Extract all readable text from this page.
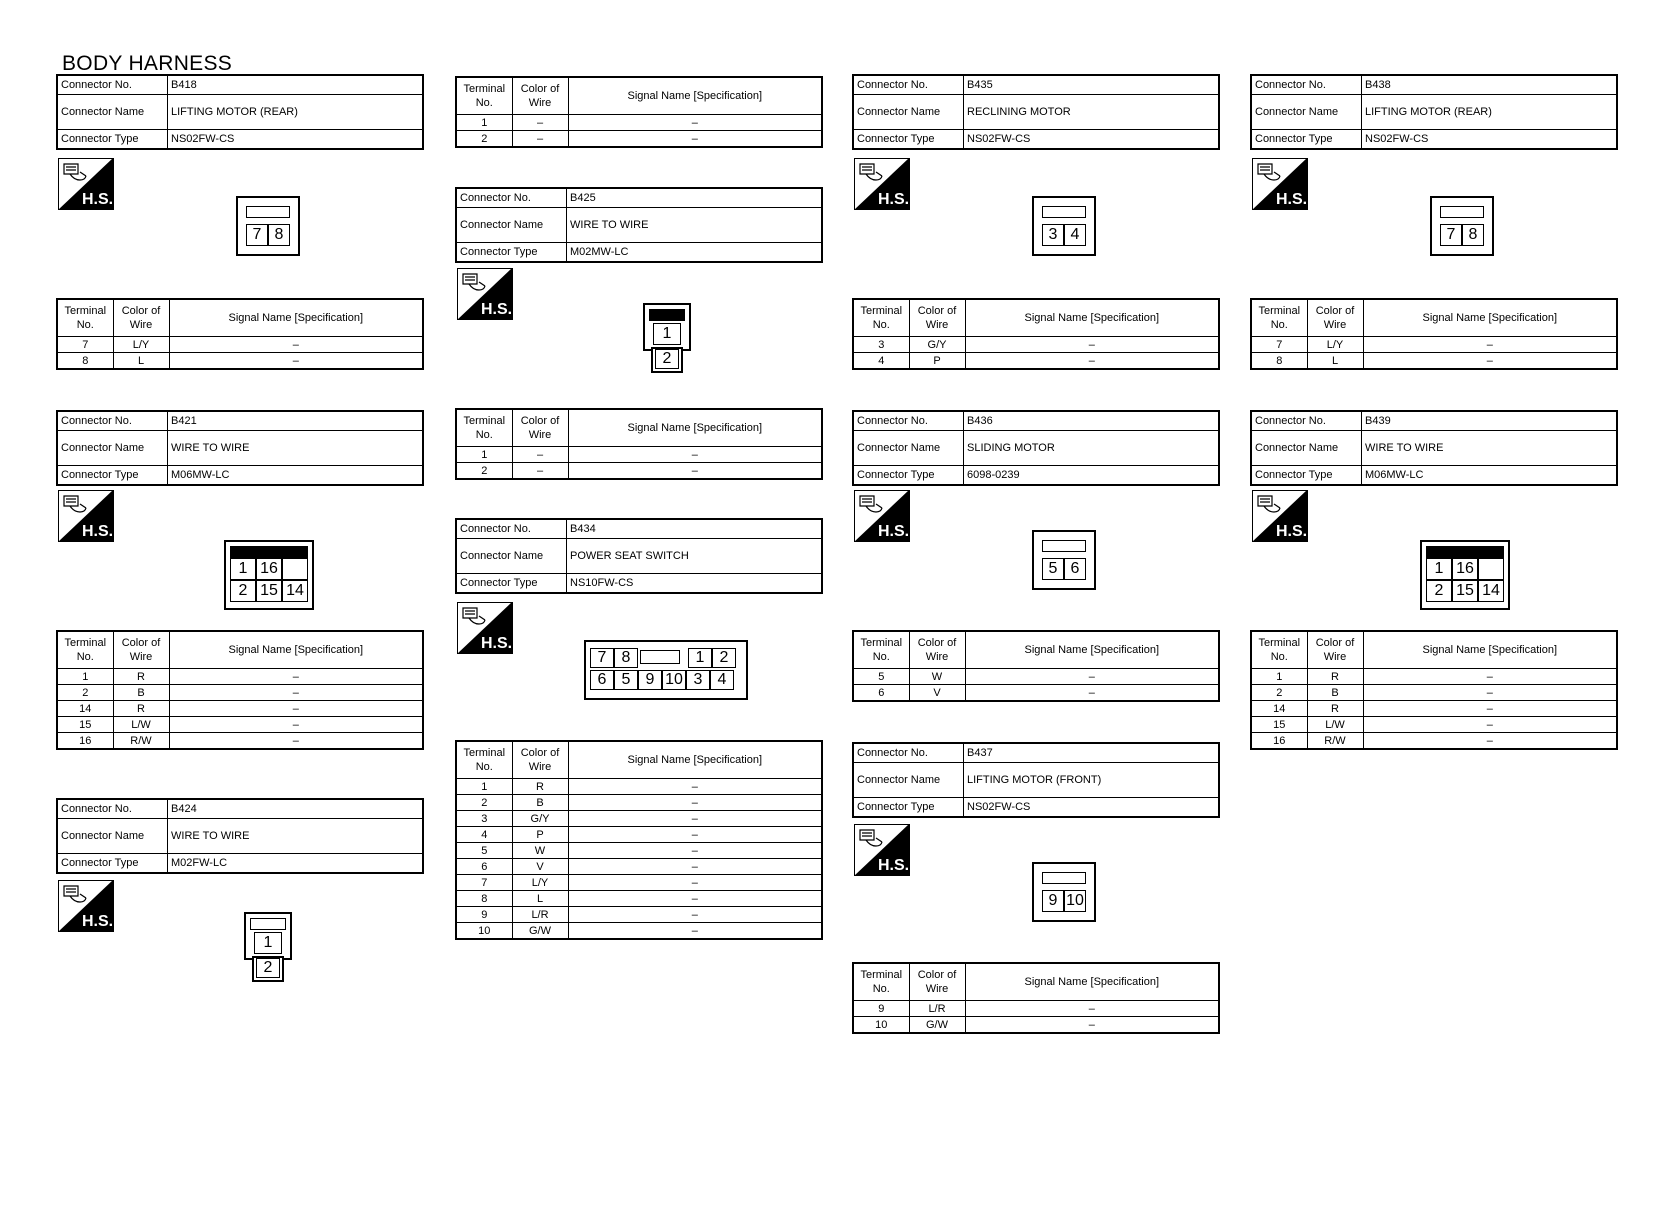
BODY HARNESS
Connector No.	B418
Connector Name	LIFTING MOTOR (REAR)
Connector Type	NS02FW-CS
H.S.
7 8
Terminal No.	Color of Wire	Signal Name [Specification]
7	L/Y	–
8	L	–
Connector No.	B421
Connector Name	WIRE TO WIRE
Connector Type	M06MW-LC
H.S.
1 16
2 15 14
Terminal No.	Color of Wire	Signal Name [Specification]
1	R	–
2	B	–
14	R	–
15	L/W	–
16	R/W	–
Connector No.	B424
Connector Name	WIRE TO WIRE
Connector Type	M02FW-LC
H.S.
1
2
Terminal No.	Color of Wire	Signal Name [Specification]
1	–	–
2	–	–
Connector No.	B425
Connector Name	WIRE TO WIRE
Connector Type	M02MW-LC
H.S.
1
2
Terminal No.	Color of Wire	Signal Name [Specification]
1	–	–
2	–	–
Connector No.	B434
Connector Name	POWER SEAT SWITCH
Connector Type	NS10FW-CS
H.S.
7 8	1 2
6 5 9 10 3 4
Terminal No.	Color of Wire	Signal Name [Specification]
1	R	–
2	B	–
3	G/Y	–
4	P	–
5	W	–
6	V	–
7	L/Y	–
8	L	–
9	L/R	–
10	G/W	–
Connector No.	B435
Connector Name	RECLINING MOTOR
Connector Type	NS02FW-CS
H.S.
3 4
Terminal No.	Color of Wire	Signal Name [Specification]
3	G/Y	–
4	P	–
Connector No.	B436
Connector Name	SLIDING MOTOR
Connector Type	6098-0239
H.S.
5 6
Terminal No.	Color of Wire	Signal Name [Specification]
5	W	–
6	V	–
Connector No.	B437
Connector Name	LIFTING MOTOR (FRONT)
Connector Type	NS02FW-CS
H.S.
9 10
Terminal No.	Color of Wire	Signal Name [Specification]
9	L/R	–
10	G/W	–
Connector No.	B438
Connector Name	LIFTING MOTOR (REAR)
Connector Type	NS02FW-CS
H.S.
7 8
Terminal No.	Color of Wire	Signal Name [Specification]
7	L/Y	–
8	L	–
Connector No.	B439
Connector Name	WIRE TO WIRE
Connector Type	M06MW-LC
H.S.
1 16
2 15 14
Terminal No.	Color of Wire	Signal Name [Specification]
1	R	–
2	B	–
14	R	–
15	L/W	–
16	R/W	–
